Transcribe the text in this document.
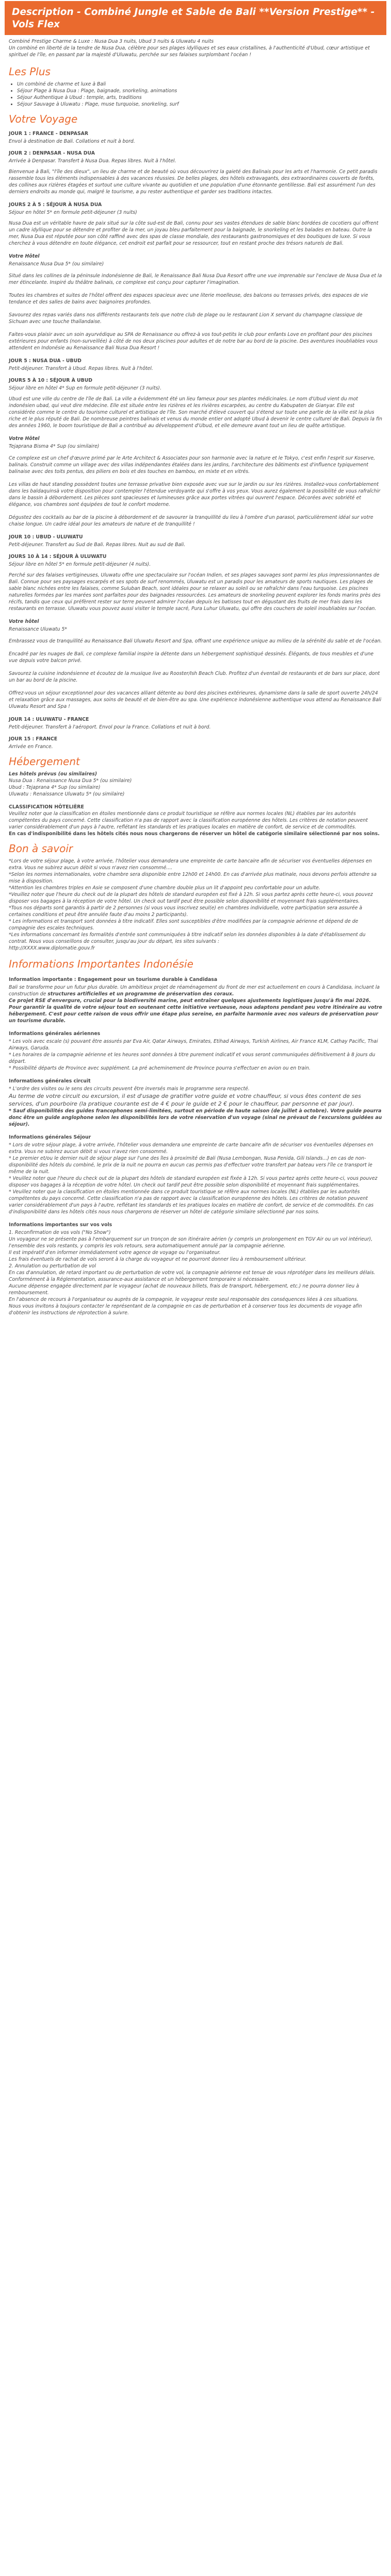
Description - Combiné Jungle et Sable de Bali **Version Prestige** - Vols Flex
Combiné Prestige Charme & Luxe : Nusa Dua 3 nuits, Ubud 3 nuits & Uluwatu 4 nuits
Un combiné en liberté de la tendre de Nusa Dua, célèbre pour ses plages idylliques et ses eaux cristallines, à l'authenticité d'Ubud, cœur artistique et spirituel de l'île, en passant par la majesté d'Uluwatu, perchée sur ses falaises surplombant l'océan !
Les Plus
• Un combiné de charme et luxe à Bali
• Séjour Plage à Nusa Dua : Plage, baignade, snorkeling, animations
• Séjour Authentique à Ubud : temple, arts, traditions
• Séjour Sauvage à Uluwatu : Plage, muse turquoise, snorkeling, surf
Votre Voyage
JOUR 1 : FRANCE - DENPASAR
Envol à destination de Bali. Collations et nuit à bord.
JOUR 2 : DENPASAR - NUSA DUA
Arrivée à Denpasar. Transfert à Nusa Dua. Repas libres. Nuit à l'hôtel.
Bienvenue à Bali, "l'île des dieux", un lieu de charme et de beauté où vous découvrirez la gaieté des Balinais pour les arts et l'harmonie. Ce petit paradis rassemble tous les éléments indispensables à des vacances réussies. De belles plages, des hôtels extravagants, des extraordinaires couverts de forêts, des collines aux rizières étagées et surtout une culture vivante au quotidien et une population d'une étonnante gentillesse. Bali est assurément l'un des derniers endroits au monde qui, malgré le tourisme, a pu rester authentique et garder ses traditions intactes.
JOURS 2 À 5 : SÉJOUR À NUSA DUA
Séjour en hôtel 5* en formule petit-déjeuner (3 nuits)
Nusa Dua est un véritable havre de paix situé sur la côte sud-est de Bali, connu pour ses vastes étendues de sable blanc bordées de cocotiers qui offrent un cadre idyllique pour se détendre et profiter de la mer, un joyau bleu parfaitement pour la baignade, le snorkeling et les balades en bateau. Outre la mer, Nusa Dua est réputée pour son côté raffiné avec des spas de classe mondiale, des restaurants gastronomiques et des boutiques de luxe. Si vous cherchez à vous détendre en toute élégance, cet endroit est parfait pour se ressourcer, tout en restant proche des trésors naturels de Bali.
Votre Hôtel
Renaissance Nusa Dua 5* (ou similaire)
Situé dans les collines de la péninsule indonésienne de Bali, le Renaissance Bali Nusa Dua Resort offre une vue imprenable sur l'enclave de Nusa Dua et la mer étincelante. Inspiré du théâtre balinais, ce complexe est conçu pour capturer l'imagination.
Toutes les chambres et suites de l'hôtel offrent des espaces spacieux avec une literie moelleuse, des balcons ou terrasses privés, des espaces de vie tendance et des salles de bains avec baignoires profondes.
Savourez des repas variés dans nos différents restaurants tels que notre club de plage ou le restaurant Lion X servant du champagne classique de Sichuan avec une touche thaïlandaise.
Faites-vous plaisir avec un soin ayurvédique au SPA de Renaissance ou offrez-à vos tout-petits le club pour enfants Love en profitant pour des piscines extérieures pour enfants (non-surveillée) à côté de nos deux piscines pour adultes et de notre bar au bord de la piscine. Des aventures inoubliables vous attendent en Indonésie au Renaissance Bali Nusa Dua Resort !
JOUR 5 : NUSA DUA - UBUD
Petit-déjeuner. Transfert à Ubud. Repas libres. Nuit à l'hôtel.
JOURS 5 À 10 : SÉJOUR À UBUD
Séjour libre en hôtel 4* Sup en formule petit-déjeuner (3 nuits).
Ubud est une ville du centre de l'île de Bali. La ville a évidemment été un lieu fameux pour ses plantes médicinales. Le nom d'Ubud vient du mot indonésien ubad, qui veut dire médecine. Elle est située entre les rizières et les rivières escarpées, au centre du Kabupaten de Gianyar. Elle est considérée comme le centre du tourisme culturel et artistique de l'île. Son marché d'élevé couvert qui s'étend sur toute une partie de la ville est la plus riche et le plus réputé de Bali. De nombreuse peintres balinais et venus du monde entier ont adopté Ubud à devenir le centre culturel de Bali. Depuis la fin des années 1960, le boom touristique de Bali a contribué au développement d'Ubud, et elle demeure avant tout un lieu de quête artistique.
Votre Hôtel
Tejaprana Bisma 4* Sup (ou similaire)
Ce complexe est un chef d'œuvre primé par le Arte Architect & Associates pour son harmonie avec la nature et le Tokyo, c'est enfin l'esprit sur Koserve, balinais. Construit comme un village avec des villas indépendantes étalées dans les jardins, l'architecture des bâtiments est d'influence typiquement balinaise avec des toits pentus, des piliers en bois et des touches en bambou, en mixte et en vitrés.
Les villas de haut standing possèdent toutes une terrasse privative bien exposée avec vue sur le jardin ou sur les rizières. Installez-vous confortablement dans les baldaquinsà votre disposition pour contempler l'étendue verdoyante qui s'offre à vos yeux. Vous aurez également la possibilité de vous rafraîchir dans le bassin à débordement. Les pièces sont spacieuses et lumineuses grâce aux portes vitrées qui ouvrent l'espace. Décorées avec sobriété et élégance, vos chambres sont équipées de tout le confort moderne.
Dégustez des cocktails au bar de la piscine à débordement et de savourer la tranquillité du lieu à l'ombre d'un parasol, particulièrement idéal sur votre chaise longue. Un cadre idéal pour les amateurs de nature et de tranquillité !
JOUR 10 : UBUD - ULUWATU
Petit-déjeuner. Transfert au Sud de Bali. Repas libres. Nuit au sud de Bali.
JOURS 10 À 14 : SÉJOUR À ULUWATU
Séjour libre en hôtel 5* en formule petit-déjeuner (4 nuits).
Perché sur des falaises vertigineuses, Uluwatu offre une spectaculaire sur l'océan Indien, et ses plages sauvages sont parmi les plus impressionnantes de Bali. Connue pour ses paysages escarpés et ses spots de surf renommés, Uluwatu est un paradis pour les amateurs de sports nautiques. Les plages de sable blanc nichées entre les falaises, comme Suluban Beach, sont idéales pour se relaxer au soleil ou se rafraîchir dans l'eau turquoise. Les piscines naturelles formées par les marées sont parfaites pour des baignades ressourcées. Les amateurs de snorkeling peuvent explorer les fonds marins près des récifs, tandis que ceux qui préfèrent rester sur terre peuvent admirer l'océan depuis les batisses tout en dégustant des fruits de mer frais dans les restaurants en terrasse. Uluwatu vous pouvez aussi visiter le temple sacré, Pura Luhur Uluwatu, qui offre des couchers de soleil inoubliables sur l'océan.
Votre hôtel
Renaissance Uluwatu 5*
Embrassez vous de tranquillité au Renaissance Bali Uluwatu Resort and Spa, offrant une expérience unique au milieu de la sérénité du sable et de l'océan.
Encadré par les nuages de Bali, ce complexe familial inspire la détente dans un hébergement sophistiqué dessinés. Élégants, de tous meubles et d'une vue depuis votre balcon privé.
Savourez la cuisine indonésienne et écoutez de la musique live au Rooster/Ish Beach Club. Profitez d'un éventail de restaurants et de bars sur place, dont un bar au bord de la piscine.
Offrez-vous un séjour exceptionnel pour des vacances alliant détente au bord des piscines extérieures, dynamisme dans la salle de sport ouverte 24h/24 et relaxation grâce aux massages, aux soins de beauté et de bien-être au spa. Une expérience indonésienne authentique vous attend au Renaissance Bali Uluwatu Resort and Spa !
JOUR 14 : ULUWATU - FRANCE
Petit-déjeuner. Transfert à l'aéroport. Envol pour la France. Collations et nuit à bord.
JOUR 15 : FRANCE
Arrivée en France.
Hébergement
Les hôtels prévus (ou similaires)
Nusa Dua : Renaissance Nusa Dua 5* (ou similaire)
Ubud : Tejaprana 4* Sup (ou similaire)
Uluwatu : Renaissance Uluwatu 5* (ou similaire)
CLASSIFICATION HÔTELIÈRE
Veuillez noter que la classification en étoiles mentionnée dans ce produit touristique se réfère aux normes locales (NL) établies par les autorités compétentes du pays concerné. Cette classification n'a pas de rapport avec la classification européenne des hôtels. Les critères de notation peuvent varier considérablement d'un pays à l'autre, reflétant les standards et les pratiques locales en matière de confort, de service et de commodités.
En cas d'indisponibilité dans les hôtels cités nous nous chargerons de réserver un hôtel de catégorie similaire sélectionné par nos soins.
Bon à savoir
*Lors de votre séjour plage, à votre arrivée, l'hôtelier vous demandera une empreinte de carte bancaire afin de sécuriser vos éventuelles dépenses en extra. Vous ne subirez aucun débit si vous n'avez rien consommé....
*Selon les normes internationales, votre chambre sera disponible entre 12h00 et 14h00. En cas d'arrivée plus matinale, nous devons perfois attendre sa mise à disposition.
*Attention les chambres triples en Asie se composent d'une chambre double plus un lit d'appoint peu confortable pour un adulte.
*Veuillez noter que l'heure du check out de la plupart des hôtels de standard européen est fixé à 12h. Si vous partez après cette heure-ci, vous pouvez disposer vos bagages à la réception de votre hôtel. Un check out tardif peut être possible selon disponibilité et moyennant frais supplémentaires.
*Tous nos départs sont garantis à partir de 2 personnes (si vous vous inscrivez seul(e) en chambres individuelle, votre participation sera assurée à certaines conditions et peut être annulée faute d'au moins 2 participants).
* Les informations et transport sont données à titre indicatif. Elles sont susceptibles d'être modifiées par la compagnie aérienne et dépend de de compagnie des escales techniques.
*Les informations concernant les formalités d'entrée sont communiquées à titre indicatif selon les données disponibles à la date d'établissement du contrat. Nous vous conseillons de consulter, jusqu'au jour du départ, les sites suivants :
http://XXXX.www.diplomatie.gouv.fr
Informations Importantes Indonésie
Information importante : Engagement pour un tourisme durable à Candidasa
Bali se transforme pour un futur plus durable. Un ambitieux projet de réaménagement du front de mer est actuellement en cours à Candidasa, incluant la construction de structures artificielles et un programme de préservation des coraux.
Ce projet RSE d'envergure, crucial pour la biodiversité marine, peut entraîner quelques ajustements logistiques jusqu'à fin mai 2026. Pour garantir la qualité de votre séjour tout en soutenant cette initiative vertueuse, nous adaptons pendant peu votre itinéraire au votre hébergement. C'est pour cette raison de vous offrir une étape plus sereine, en parfaite harmonie avec nos valeurs de préservation pour un tourisme durable.
Informations générales aériennes
* Les vols avec escale (s) pouvant être assurés par Eva Air, Qatar Airways, Emirates, Etihad Airways, Turkish Airlines, Air France KLM, Cathay Pacific, Thai Airways, Garuda.
* Les horaires de la compagnie aérienne et les heures sont données à titre purement indicatif et vous seront communiquées définitivement à 8 jours du départ.
* Possibilité départs de Province avec supplément. La pré acheminement de Province pourra s'effectuer en avion ou en train.
Informations générales circuit
* L'ordre des visites ou le sens des circuits peuvent être inversés mais le programme sera respecté.
Au terme de votre circuit ou excursion, il est d'usage de gratifier votre guide et votre chauffeur, si vous êtes content de ses services, d'un pourboire (la pratique courante est de 4 € pour le guide et 2 € pour le chauffeur, par personne et par jour).
* Sauf disponibilités des guides francophones semi-limitées, surtout en période de haute saison (de juillet à octobre). Votre guide pourra donc être un guide anglophone selon les disponibilités lors de votre réservation d'un voyage (sinal ne prévaut de l'excursions guidées au séjour).
Informations générales Séjour
* Lors de votre séjour plage, à votre arrivée, l'hôtelier vous demandera une empreinte de carte bancaire afin de sécuriser vos éventuelles dépenses en extra. Vous ne subirez aucun débit si vous n'avez rien consommé.
* Le premier et/ou le dernier nuit de séjour plage sur l'une des îles à proximité de Bali (Nusa Lembongan, Nusa Penida, Gili Islands...) en cas de non-disponibilité des hôtels du combiné, le prix de la nuit ne pourra en aucun cas permis pas d'effectuer votre transfert par bateau vers l'île ce transport le même de la nuit.
* Veuillez noter que l'heure du check out de la plupart des hôtels de standard européen est fixée à 12h. Si vous partez après cette heure-ci, vous pouvez disposer vos bagages à la réception de votre hôtel. Un check out tardif peut être possible selon disponibilité et moyennant frais supplémentaires.
* Veuillez noter que la classification en étoiles mentionnée dans ce produit touristique se réfère aux normes locales (NL) établies par les autorités compétentes du pays concerné. Cette classification n'a pas de rapport avec la classification européenne des hôtels. Les critères de notation peuvent varier considérablement d'un pays à l'autre, reflétant les standards et les pratiques locales en matière de confort, de service et de commodités. En cas d'indisponibilité dans les hôtels cités nous nous chargerons de réserver un hôtel de catégorie similaire sélectionné par nos soins.
Informations importantes sur vos vols
1. Reconfirmation de vos vols ("No Show")
Un voyageur ne se présente pas à l'embarquement sur un tronçon de son itinéraire aérien (y compris un prolongement en TGV Air ou un vol intérieur), l'ensemble des vols restants, y compris les vols retours, sera automatiquement annulé par la compagnie aérienne.
Il est impératif d'en informer immédiatement votre agence de voyage ou l'organisateur.
Les frais éventuels de rachat de vols seront à la charge du voyageur et ne pourront donner lieu à remboursement ultérieur.
2. Annulation ou perturbation de vol
En cas d'annulation, de retard important ou de perturbation de votre vol, la compagnie aérienne est tenue de vous réprotéger dans les meilleurs délais.
Conformément à la Réglementation, assurance-aux assistance et un hébergement temporaire si nécessaire.
Aucune dépense engagée directement par le voyageur (achat de nouveaux billets, frais de transport, hébergement, etc.) ne pourra donner lieu à remboursement.
En l'absence de recours à l'organisateur ou auprès de la compagnie, le voyageur reste seul responsable des conséquences liées à ces situations.
Nous vous invitons à toujours contacter le représentant de la compagnie en cas de perturbation et à conserver tous les documents de voyage afin d'obtenir les instructions de réprotection à suivre.
